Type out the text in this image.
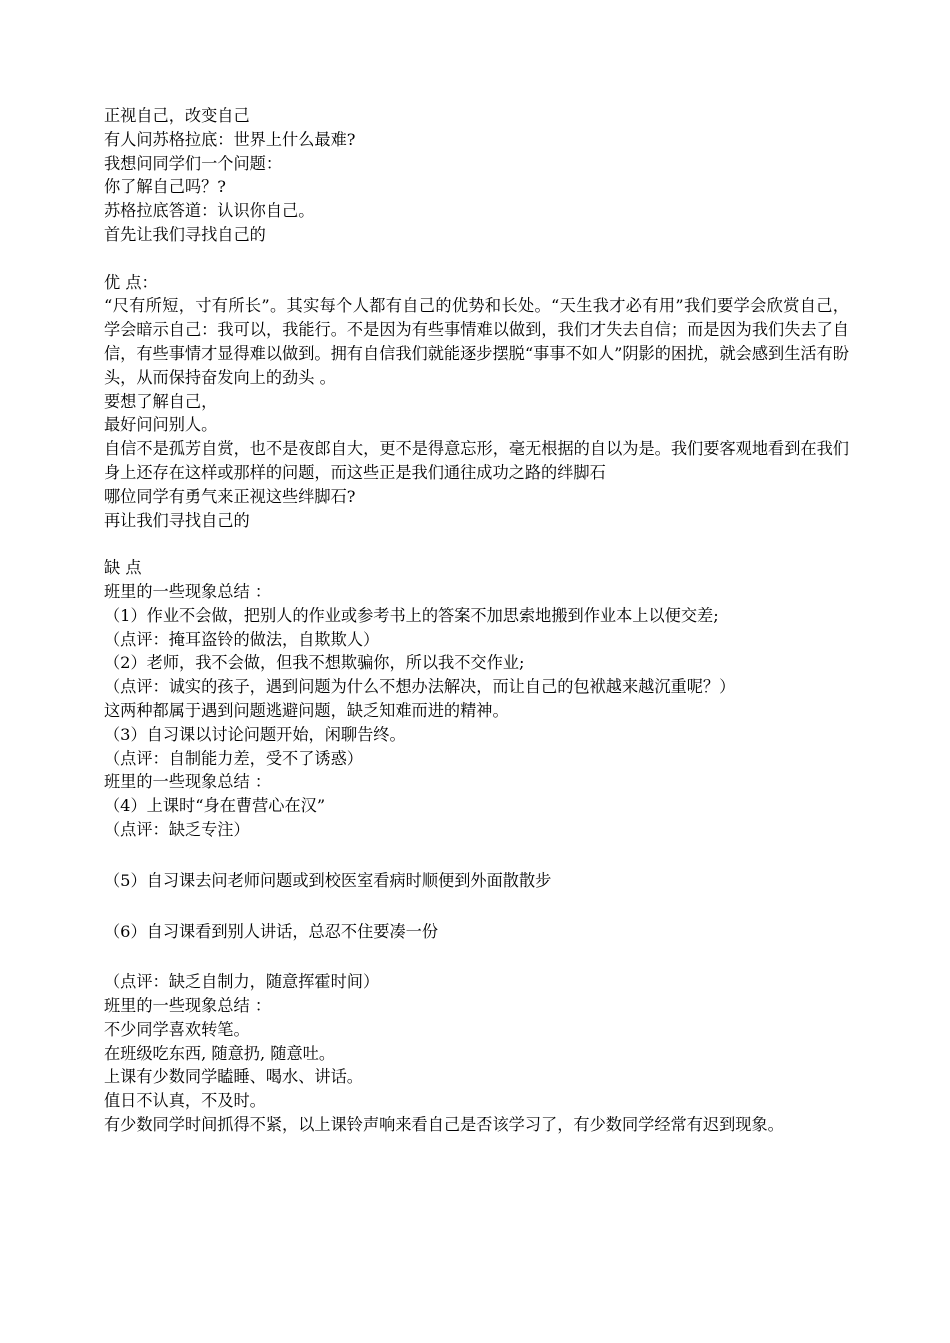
正视自己，改变自己
有人问苏格拉底：世界上什么最难?
我想问同学们一个问题：
你了解自己吗？?
苏格拉底答道：认识你自己。
首先让我们寻找自己的
优 点：
“尺有所短，寸有所长”。其实每个人都有自己的优势和长处。“天生我才必有用”我们要学会欣赏自己，学会暗示自己：我可以，我能行。不是因为有些事情难以做到，我们才失去自信；而是因为我们失去了自信，有些事情才显得难以做到。拥有自信我们就能逐步摆脱“事事不如人”阴影的困扰，就会感到生活有盼头，从而保持奋发向上的劲头 。
要想了解自己，
最好问问别人。
自信不是孤芳自赏，也不是夜郎自大，更不是得意忘形，毫无根据的自以为是。我们要客观地看到在我们身上还存在这样或那样的问题，而这些正是我们通往成功之路的绊脚石
哪位同学有勇气来正视这些绊脚石?
再让我们寻找自己的
缺 点
班里的一些现象总结 ：
（1）作业不会做，把别人的作业或参考书上的答案不加思索地搬到作业本上以便交差;
（点评：掩耳盗铃的做法，自欺欺人）
（2）老师，我不会做，但我不想欺骗你，所以我不交作业;
（点评：诚实的孩子，遇到问题为什么不想办法解决，而让自己的包袱越来越沉重呢？）
这两种都属于遇到问题逃避问题，缺乏知难而进的精神。
（3）自习课以讨论问题开始，闲聊告终。
（点评：自制能力差，受不了诱惑）
班里的一些现象总结 ：
（4）上课时“身在曹营心在汉”
（点评：缺乏专注）
（5）自习课去问老师问题或到校医室看病时顺便到外面散散步
（6）自习课看到别人讲话，总忍不住要凑一份
（点评：缺乏自制力，随意挥霍时间）
班里的一些现象总结 ：
不少同学喜欢转笔。
在班级吃东西, 随意扔, 随意吐。
上课有少数同学瞌睡、喝水、讲话。
值日不认真，不及时。
有少数同学时间抓得不紧，以上课铃声响来看自己是否该学习了，有少数同学经常有迟到现象。
